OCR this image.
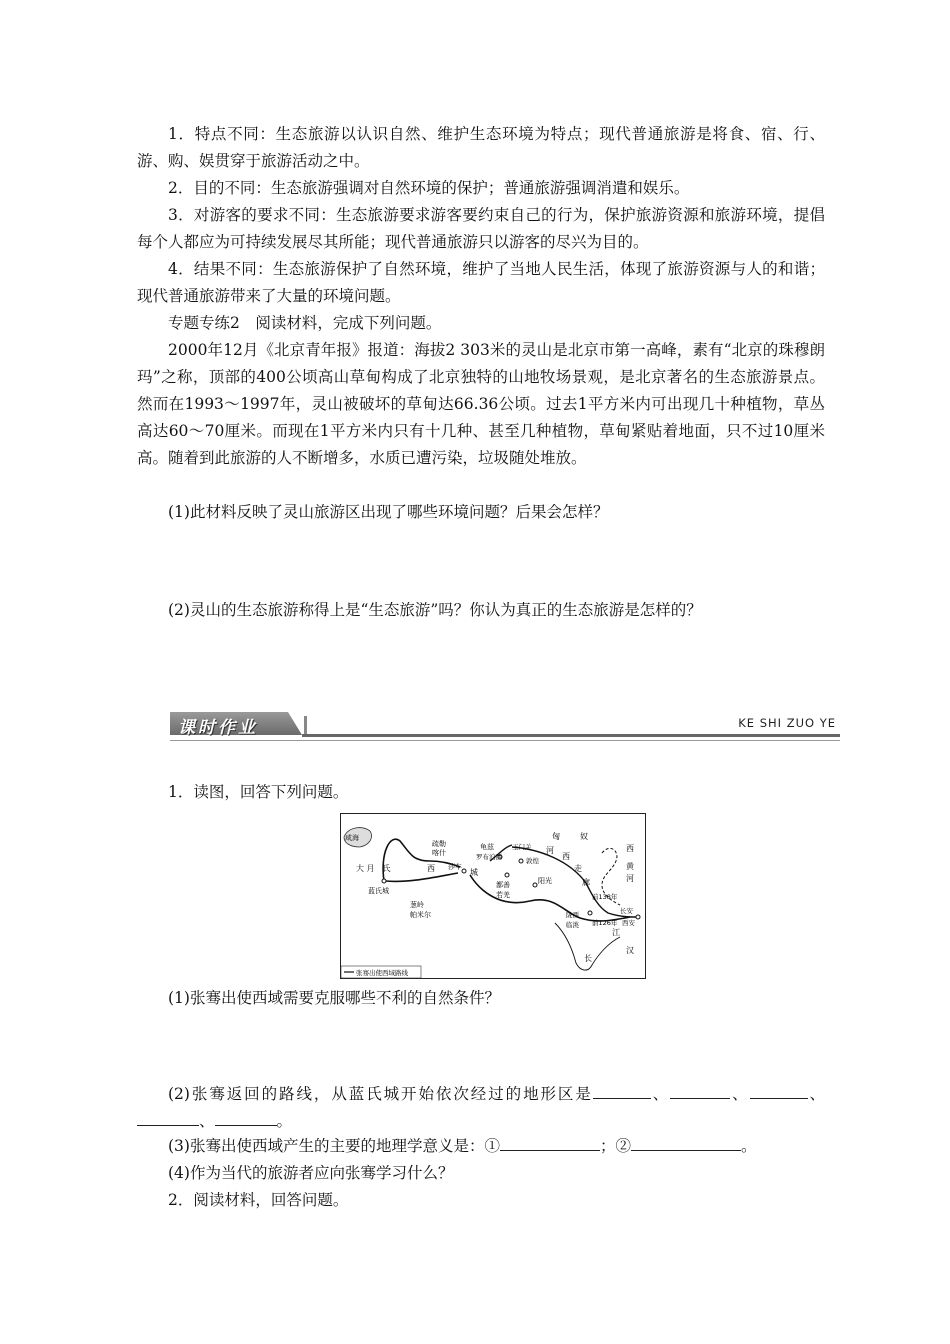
1．特点不同：生态旅游以认识自然、维护生态环境为特点；现代普通旅游是将食、宿、行、游、购、娱贯穿于旅游活动之中。

2．目的不同：生态旅游强调对自然环境的保护；普通旅游强调消遣和娱乐。

3．对游客的要求不同：生态旅游要求游客要约束自己的行为，保护旅游资源和旅游环境，提倡每个人都应为可持续发展尽其所能；现代普通旅游只以游客的尽兴为目的。

4．结果不同：生态旅游保护了自然环境，维护了当地人民生活，体现了旅游资源与人的和谐；现代普通旅游带来了大量的环境问题。

专题专练2　阅读材料，完成下列问题。

2000年12月《北京青年报》报道：海拔2 303米的灵山是北京市第一高峰，素有“北京的珠穆朗玛”之称，顶部的400公顷高山草甸构成了北京独特的山地牧场景观，是北京著名的生态旅游景点。然而在1993～1997年，灵山被破坏的草甸达66.36公顷。过去1平方米内可出现几十种植物，草丛高达60～70厘米。而现在1平方米内只有十几种、甚至几种植物，草甸紧贴着地面，只不过10厘米高。随着到此旅游的人不断增多，水质已遭污染，垃圾随处堆放。

(1)此材料反映了灵山旅游区出现了哪些环境问题？后果会怎样？

(2)灵山的生态旅游称得上是“生态旅游”吗？你认为真正的生态旅游是怎样的？

课时作业	KE SHI ZUO YE

1．读图，回答下列问题。

咸海	匈	奴
西
黄
河
大 月　氏	西 莎车
城
疏勒
喀什
龟兹
罗布泊西
玉门关
敦煌
河
西
走
廊
前138年
前126年
长安
西安
蓝氏城
葱岭
帕米尔
鄯善
若羌
阳光
陇西
临洮
江
汉
长
张骞出使西域路线

(1)张骞出使西域需要克服哪些不利的自然条件？

(2)张骞返回的路线，从蓝氏城开始依次经过的地形区是	、	、	、、	。

(3)张骞出使西域产生的主要的地理学意义是：①	；②	。

(4)作为当代的旅游者应向张骞学习什么？

2．阅读材料，回答问题。
